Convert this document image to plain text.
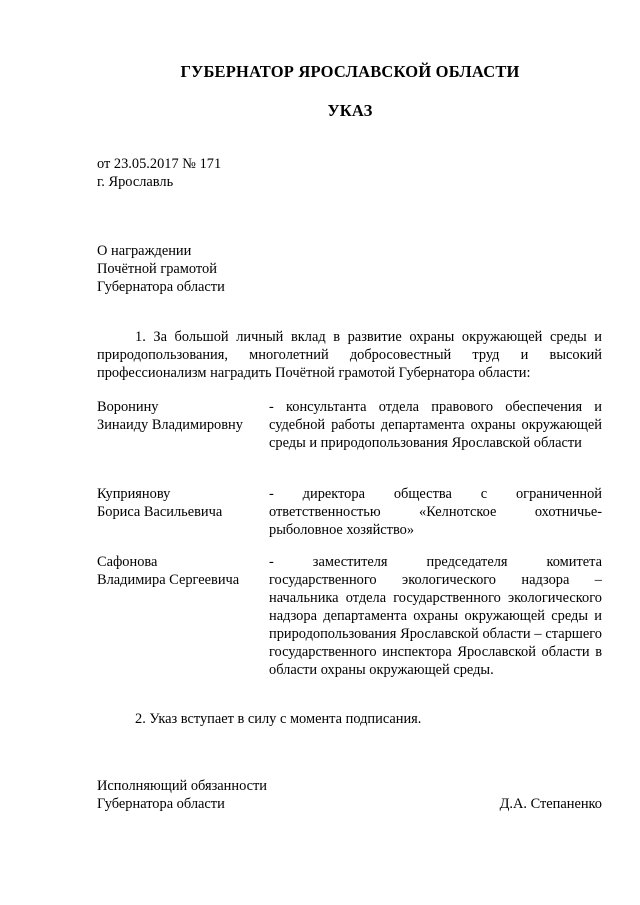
ГУБЕРНАТОР ЯРОСЛАВСКОЙ ОБЛАСТИ
УКАЗ
от 23.05.2017 № 171
г. Ярославль
О награждении
Почётной грамотой
Губернатора области
1. За большой личный вклад в развитие охраны окружающей среды и природопользования, многолетний добросовестный труд и высокий профессионализм наградить Почётной грамотой Губернатора области:
Воронину
Зинаиду Владимировну
- консультанта отдела правового обеспечения и судебной работы департамента охраны окружающей среды и природопользования Ярославской области
Куприянову
Бориса Васильевича
- директора общества с ограниченной ответственностью «Келнотское охотничье-рыболовное хозяйство»
Сафонова
Владимира Сергеевича
- заместителя председателя комитета государственного экологического надзора – начальника отдела государственного экологического надзора департамента охраны окружающей среды и природопользования Ярославской области – старшего государственного инспектора Ярославской области в области охраны окружающей среды.
2. Указ вступает в силу с момента подписания.
Исполняющий обязанности
Губернатора области	Д.А. Степаненко
